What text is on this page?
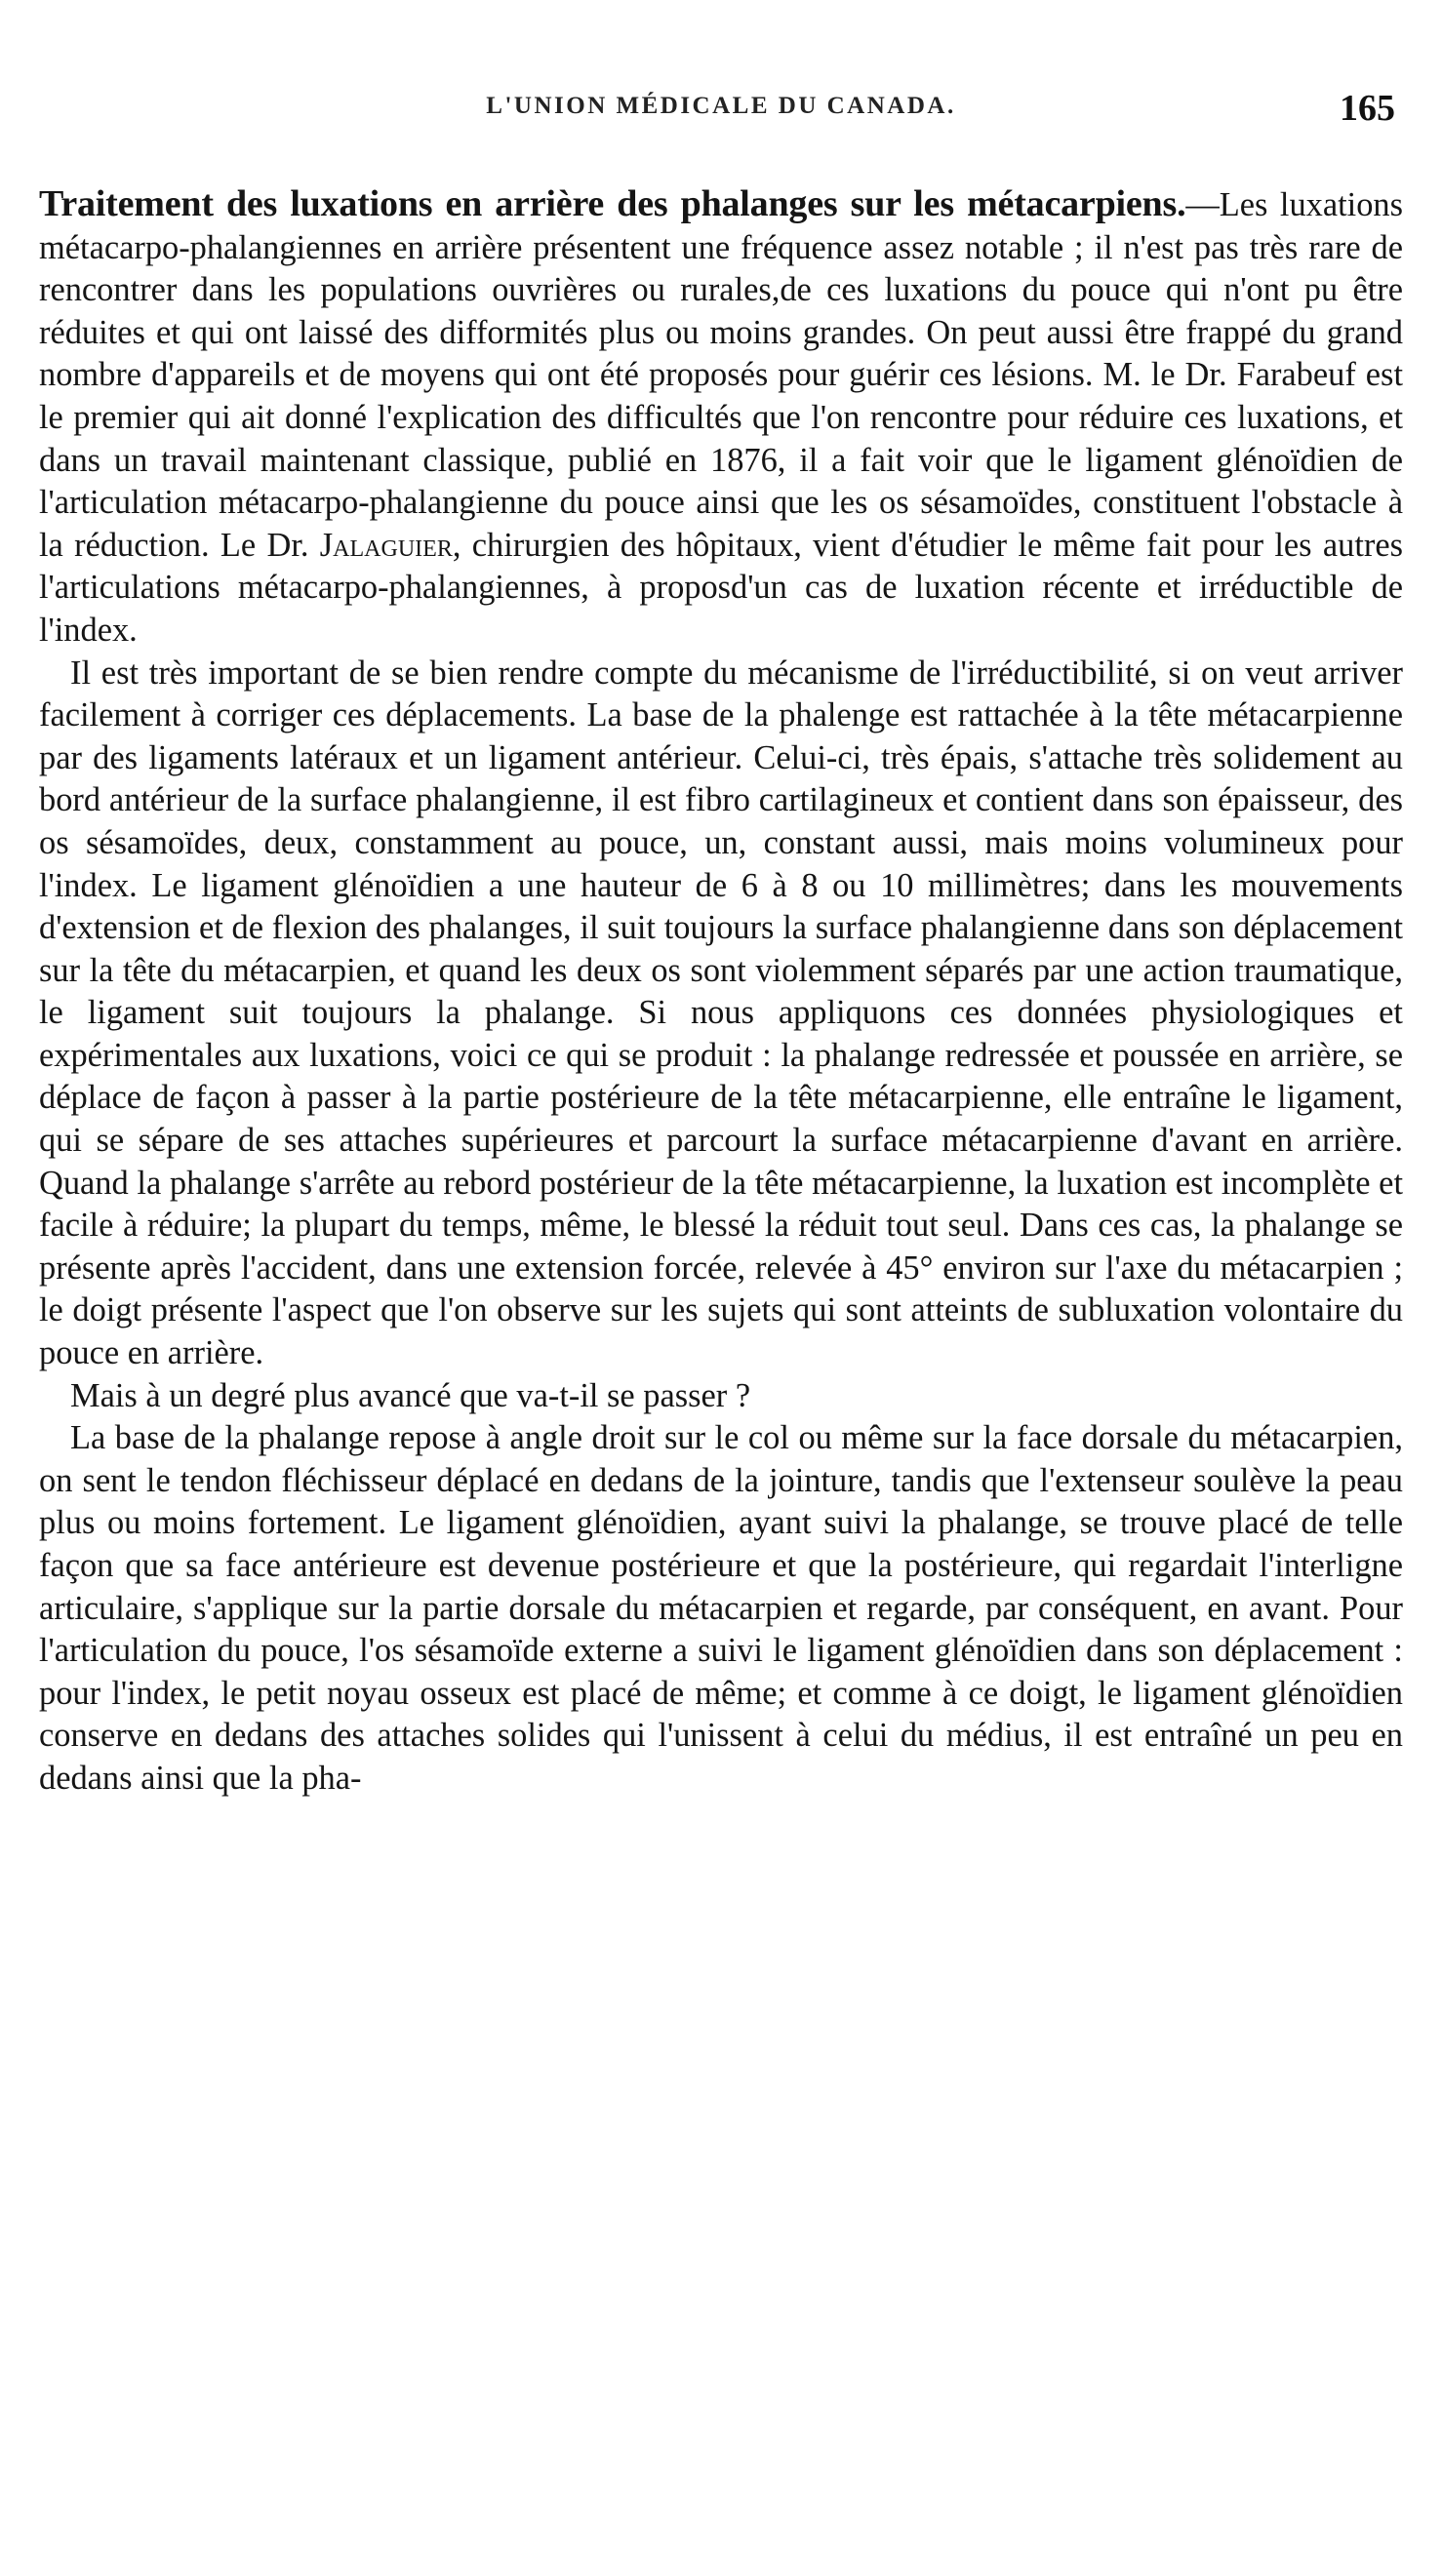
L'UNION MÉDICALE DU CANADA.	165

Traitement des luxations en arrière des phalanges sur les métacarpiens.—Les luxations métacarpo-phalangiennes en arrière présentent une fréquence assez notable ; il n'est pas très rare de rencontrer dans les populations ouvrières ou rurales,de ces luxations du pouce qui n'ont pu être réduites et qui ont laissé des difformités plus ou moins grandes. On peut aussi être frappé du grand nombre d'appareils et de moyens qui ont été proposés pour guérir ces lésions. M. le Dr. Farabeuf est le premier qui ait donné l'explication des difficultés que l'on rencontre pour réduire ces luxations, et dans un travail maintenant classique, publié en 1876, il a fait voir que le ligament glénoïdien de l'articulation métacarpo-phalangienne du pouce ainsi que les os sésamoïdes, constituent l'obstacle à la réduction. Le Dr. Jalaguier, chirurgien des hôpitaux, vient d'étudier le même fait pour les autres l'articulations métacarpo-phalangiennes, à proposd'un cas de luxation récente et irréductible de l'index.

Il est très important de se bien rendre compte du mécanisme de l'irréductibilité, si on veut arriver facilement à corriger ces déplacements. La base de la phalenge est rattachée à la tête métacarpienne par des ligaments latéraux et un ligament antérieur. Celui-ci, très épais, s'attache très solidement au bord antérieur de la surface phalangienne, il est fibro cartilagineux et contient dans son épaisseur, des os sésamoïdes, deux, constamment au pouce, un, constant aussi, mais moins volumineux pour l'index. Le ligament glénoïdien a une hauteur de 6 à 8 ou 10 millimètres; dans les mouvements d'extension et de flexion des phalanges, il suit toujours la surface phalangienne dans son déplacement sur la tête du métacarpien, et quand les deux os sont violemment séparés par une action traumatique, le ligament suit toujours la phalange. Si nous appliquons ces données physiologiques et expérimentales aux luxations, voici ce qui se produit : la phalange redressée et poussée en arrière, se déplace de façon à passer à la partie postérieure de la tête métacarpienne, elle entraîne le ligament, qui se sépare de ses attaches supérieures et parcourt la surface métacarpienne d'avant en arrière. Quand la phalange s'arrête au rebord postérieur de la tête métacarpienne, la luxation est incomplète et facile à réduire; la plupart du temps, même, le blessé la réduit tout seul. Dans ces cas, la phalange se présente après l'accident, dans une extension forcée, relevée à 45° environ sur l'axe du métacarpien ; le doigt présente l'aspect que l'on observe sur les sujets qui sont atteints de subluxation volontaire du pouce en arrière.

Mais à un degré plus avancé que va-t-il se passer ?

La base de la phalange repose à angle droit sur le col ou même sur la face dorsale du métacarpien, on sent le tendon fléchisseur déplacé en dedans de la jointure, tandis que l'extenseur soulève la peau plus ou moins fortement. Le ligament glénoïdien, ayant suivi la phalange, se trouve placé de telle façon que sa face antérieure est devenue postérieure et que la postérieure, qui regardait l'interligne articulaire, s'applique sur la partie dorsale du métacarpien et regarde, par conséquent, en avant. Pour l'articulation du pouce, l'os sésamoïde externe a suivi le ligament glénoïdien dans son déplacement : pour l'index, le petit noyau osseux est placé de même; et comme à ce doigt, le ligament glénoïdien conserve en dedans des attaches solides qui l'unissent à celui du médius, il est entraîné un peu en dedans ainsi que la pha-
